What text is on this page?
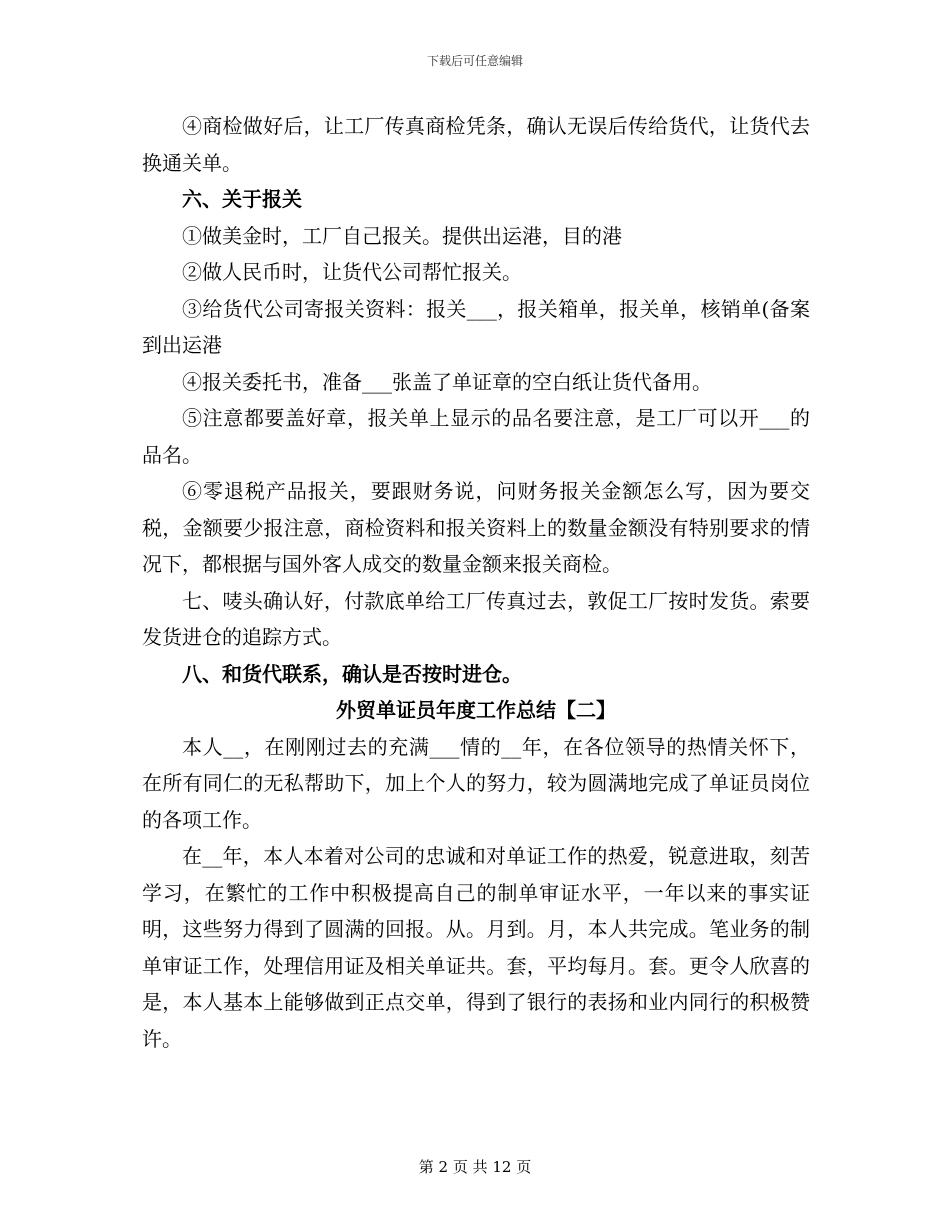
下载后可任意编辑

④商检做好后，让工厂传真商检凭条，确认无误后传给货代，让货代去换通关单。

六、关于报关

①做美金时，工厂自己报关。提供出运港，目的港

②做人民币时，让货代公司帮忙报关。

③给货代公司寄报关资料：报关___，报关箱单，报关单，核销单(备案到出运港

④报关委托书，准备___张盖了单证章的空白纸让货代备用。

⑤注意都要盖好章，报关单上显示的品名要注意，是工厂可以开___的品名。

⑥零退税产品报关，要跟财务说，问财务报关金额怎么写，因为要交税，金额要少报注意，商检资料和报关资料上的数量金额没有特别要求的情况下，都根据与国外客人成交的数量金额来报关商检。

七、唛头确认好，付款底单给工厂传真过去，敦促工厂按时发货。索要发货进仓的追踪方式。

八、和货代联系，确认是否按时进仓。

外贸单证员年度工作总结【二】

本人__，在刚刚过去的充满___情的__年，在各位领导的热情关怀下，在所有同仁的无私帮助下，加上个人的努力，较为圆满地完成了单证员岗位的各项工作。

在__年，本人本着对公司的忠诚和对单证工作的热爱，锐意进取，刻苦学习，在繁忙的工作中积极提高自己的制单审证水平，一年以来的事实证明，这些努力得到了圆满的回报。从。月到。月，本人共完成。笔业务的制单审证工作，处理信用证及相关单证共。套，平均每月。套。更令人欣喜的是，本人基本上能够做到正点交单，得到了银行的表扬和业内同行的积极赞许。

第 2 页 共 12 页
